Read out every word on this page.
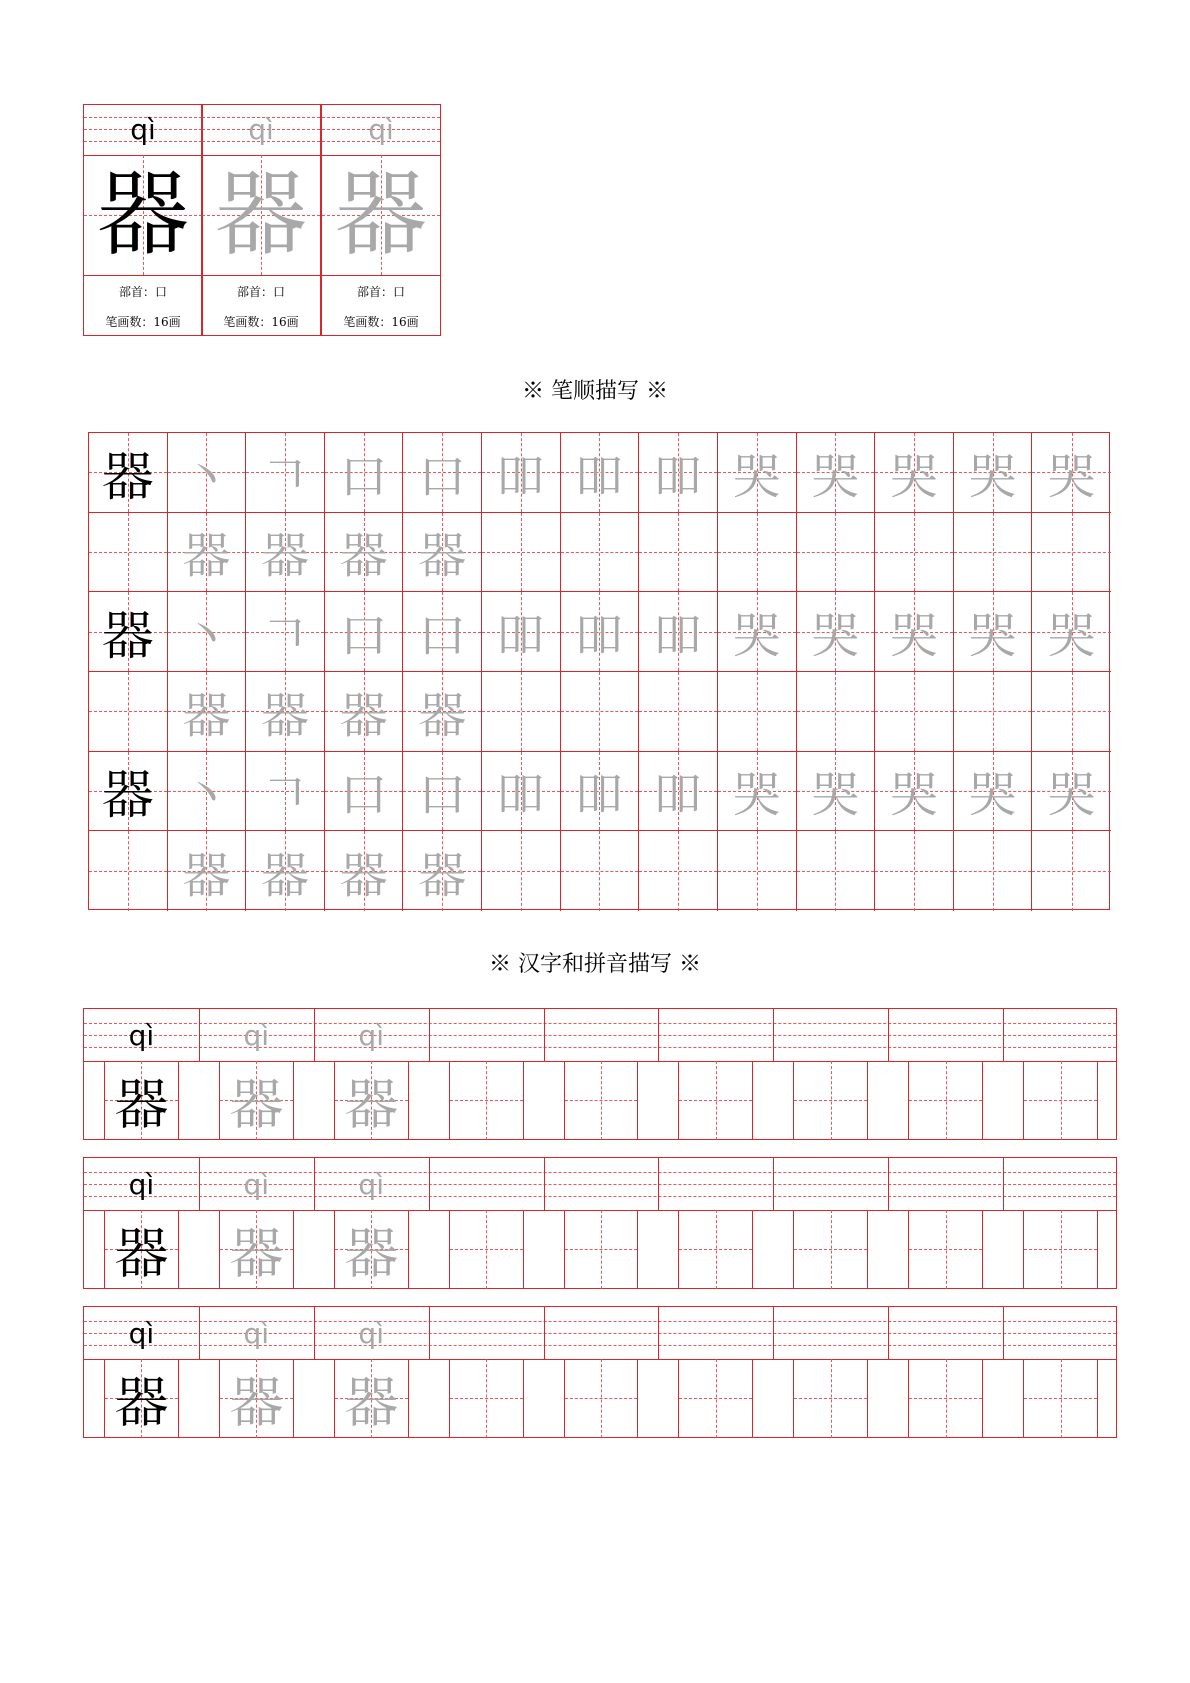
qì
器
部首：口
笔画数：16画
qì
器
部首：口
笔画数：16画
qì
器
部首：口
笔画数：16画
※ 笔顺描写 ※
器 丶 𠃍 口 口 吅 吅 吅 哭 哭 哭 哭 哭
器 器 器 器
器 丶 𠃍 口 口 吅 吅 吅 哭 哭 哭 哭 哭
器 器 器 器
器 丶 𠃍 口 口 吅 吅 吅 哭 哭 哭 哭 哭
器 器 器 器
※ 汉字和拼音描写 ※
qì
器
qì
器
qì
器
qì
器
qì
器
qì
器
qì
器
qì
器
qì
器
